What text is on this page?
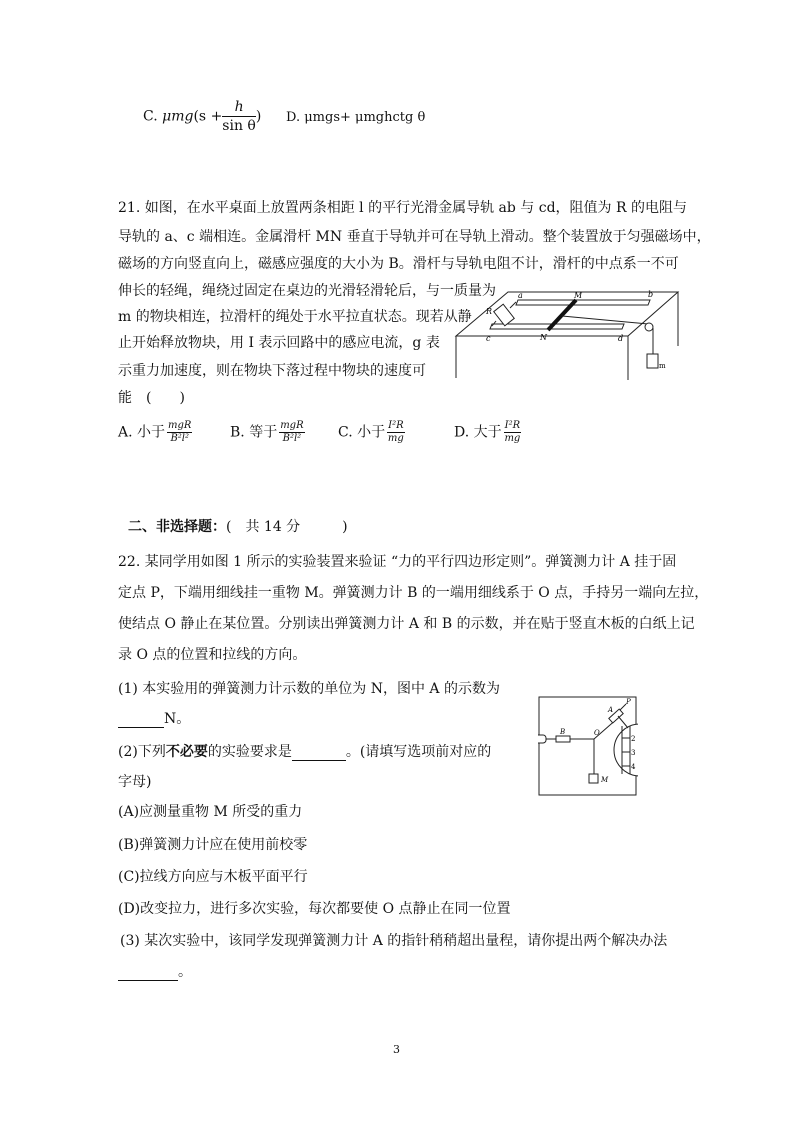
C. $\mu mg(s + \frac{h}{\text{sin θ}}$ ) D. μmgs+ μmghctg θ
21. 如图，在水平桌面上放置两条相距 l 的平行光滑金属导轨 ab 与 cd，阻值为 R 的电阻与
导轨的 a、c 端相连。金属滑杆 MN 垂直于导轨并可在导轨上滑动。整个装置放于匀强磁场中，
磁场的方向竖直向上，磁感应强度的大小为 B。滑杆与导轨电阻不计，滑杆的中点系一不可
伸长的轻绳，绳绕过固定在桌边的光滑轻滑轮后，与一质量为
m 的物块相连，拉滑杆的绳处于水平拉直状态。现若从静
止开始释放物块，用 I 表示回路中的感应电流，g 表
示重力加速度，则在物块下落过程中物块的速度可
能　(　　)
a	b
c	d
M
N
R
m
A. 小于 $\frac{\text{mgR}}{\text{B²l²}}$	B. 等于 $\frac{\text{mgR}}{\text{B²l²}} C$. 小于 $\frac{\text{I²R}}{mg}$	D. 大于 $\frac{\text{I²R}}{mg}$
二、非选择题：(　共 14 分　　　)
22. 某同学用如图 1 所示的实验装置来验证 “力的平行四边形定则”。弹簧测力计 A 挂于固
定点 P，下端用细线挂一重物 M。弹簧测力计 B 的一端用细线系于 O 点，手持另一端向左拉，
使结点 O 静止在某位置。分别读出弹簧测力计 A 和 B 的示数，并在贴于竖直木板的白纸上记
录 O 点的位置和拉线的方向。
(1) 本实验用的弹簧测力计示数的单位为 N，图中 A 的示数为
N。
(2)下列不必要的实验要求是	。(请填写选项前对应的
字母)
(A)应测量重物 M 所受的重力
(B)弹簧测力计应在使用前校零
(C)拉线方向应与木板平面平行
(D)改变拉力，进行多次实验，每次都要使 O 点静止在同一位置
(3) 某次实验中，该同学发现弹簧测力计 A 的指针稍稍超出量程，请你提出两个解决办法
。
B	O
A
P
M
2
3
4
3
